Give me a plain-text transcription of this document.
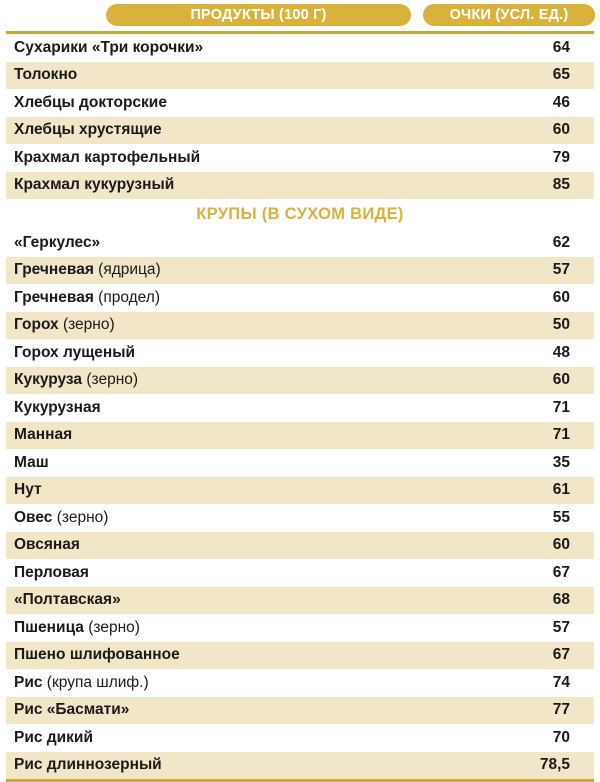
ПРОДУКТЫ (100 Г)	ОЧКИ (УСЛ. ЕД.)
Сухарики «Три корочки»	64
Толокно	65
Хлебцы докторские	46
Хлебцы хрустящие	60
Крахмал картофельный	79
Крахмал кукурузный	85
КРУПЫ (В СУХОМ ВИДЕ)
«Геркулес»	62
Гречневая (ядрица)	57
Гречневая (продел)	60
Горох (зерно)	50
Горох лущеный	48
Кукуруза (зерно)	60
Кукурузная	71
Манная	71
Маш	35
Нут	61
Овес (зерно)	55
Овсяная	60
Перловая	67
«Полтавская»	68
Пшеница (зерно)	57
Пшено шлифованное	67
Рис (крупа шлиф.)	74
Рис «Басмати»	77
Рис дикий	70
Рис длиннозерный	78,5
